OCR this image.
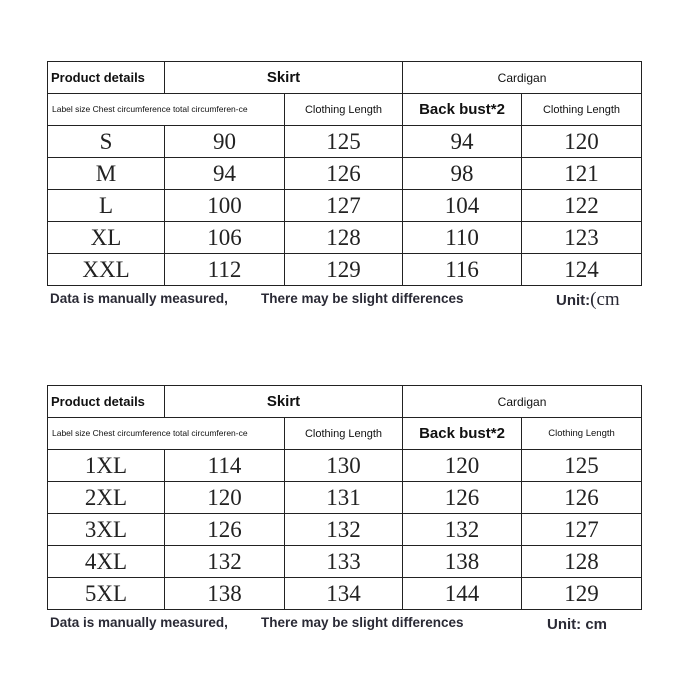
Product details	Skirt		Cardigan	
Label size Chest circumference total circumferen-ce		Clothing Length	Back bust*2	Clothing Length
S	90	125	94	120
M	94	126	98	121
L	100	127	104	122
XL	106	128	110	123
XXL	112	129	116	124
Data is manually measured, There may be slight differences	Unit:(cm
Product details	Skirt		Cardigan	
Label size Chest circumference total circumferen-ce		Clothing Length	Back bust*2	Clothing Length
1XL	114	130	120	125
2XL	120	131	126	126
3XL	126	132	132	127
4XL	132	133	138	128
5XL	138	134	144	129
Data is manually measured, There may be slight differences	Unit: cm
